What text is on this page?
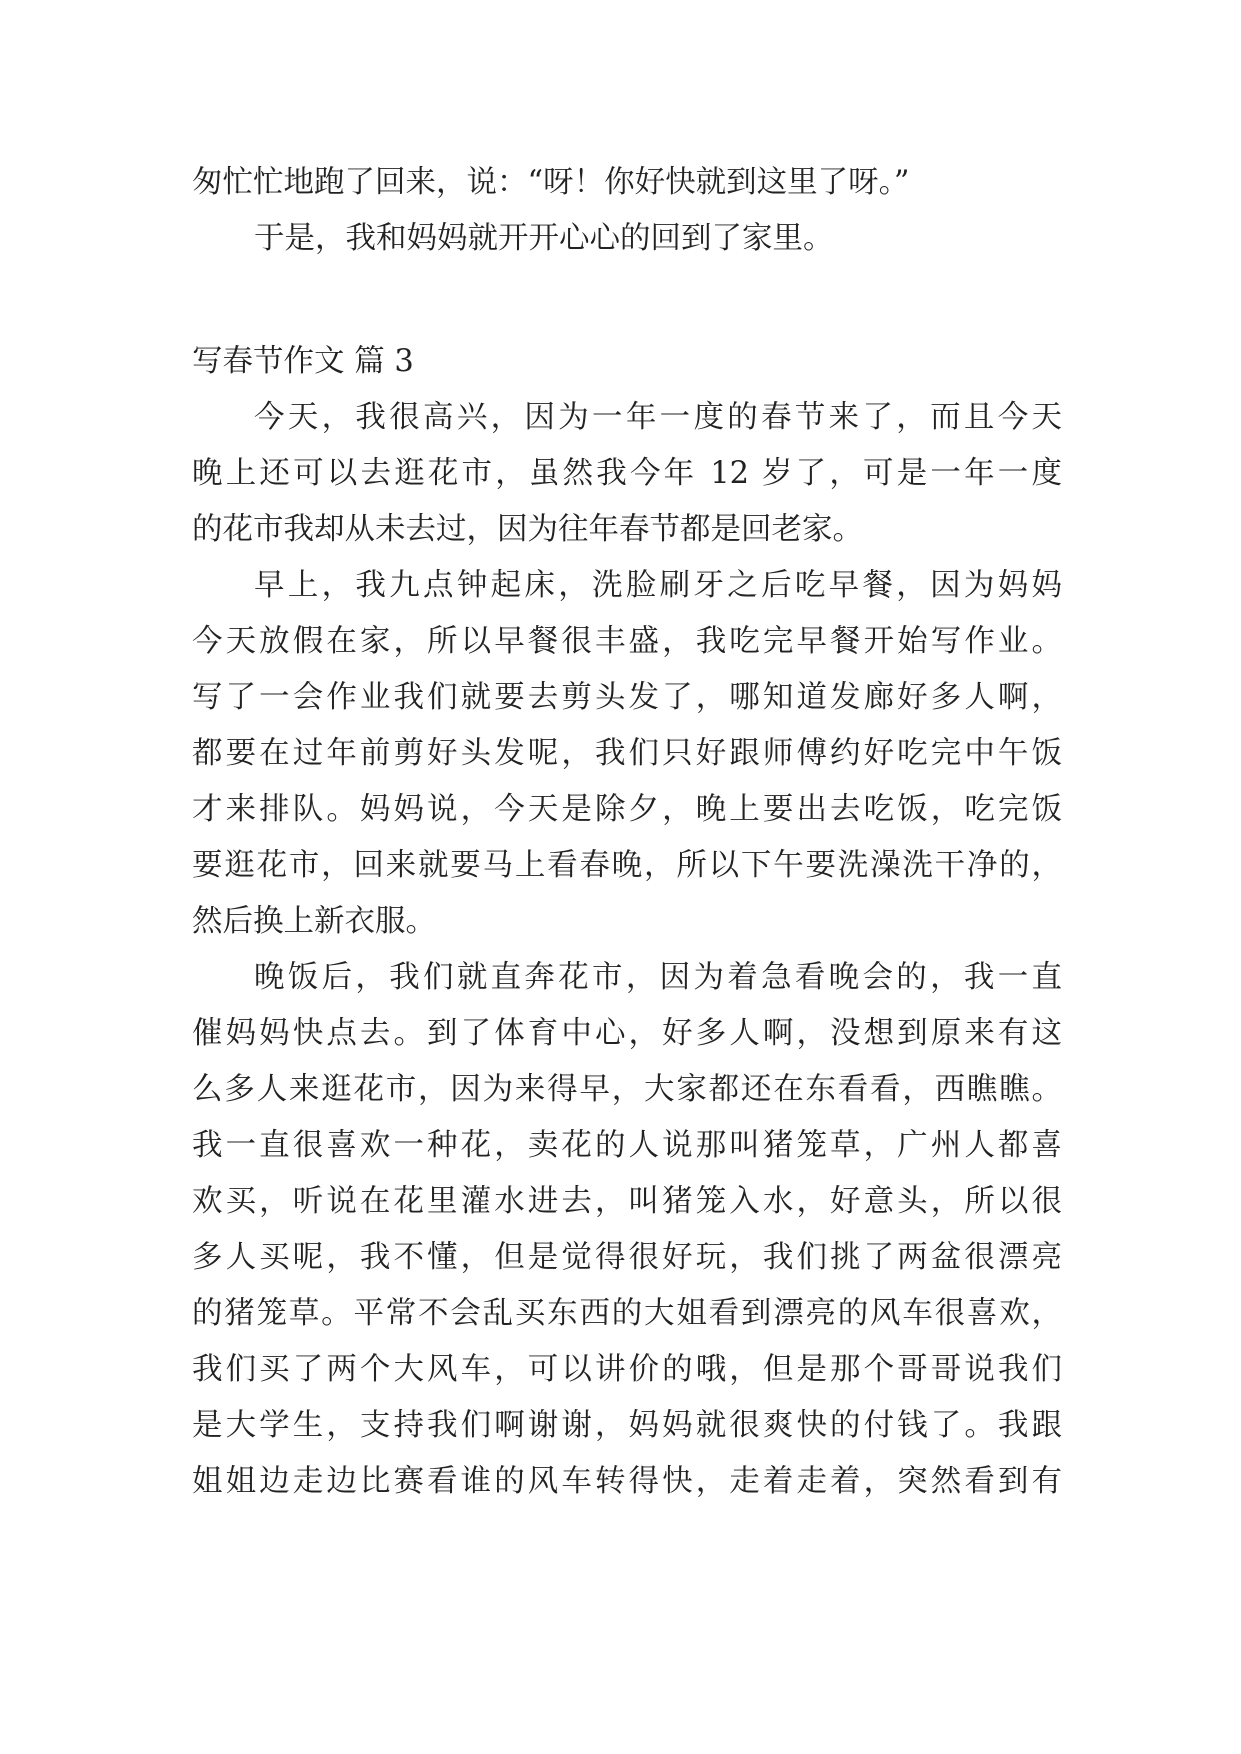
匆忙忙地跑了回来，说：“呀！你好快就到这里了呀。”
于是，我和妈妈就开开心心的回到了家里。
写春节作文 篇 3
今天，我很高兴，因为一年一度的春节来了，而且今天
晚上还可以去逛花市，虽然我今年 12 岁了，可是一年一度
的花市我却从未去过，因为往年春节都是回老家。
早上，我九点钟起床，洗脸刷牙之后吃早餐，因为妈妈
今天放假在家，所以早餐很丰盛，我吃完早餐开始写作业。
写了一会作业我们就要去剪头发了，哪知道发廊好多人啊，
都要在过年前剪好头发呢，我们只好跟师傅约好吃完中午饭
才来排队。妈妈说，今天是除夕，晚上要出去吃饭，吃完饭
要逛花市，回来就要马上看春晚，所以下午要洗澡洗干净的，
然后换上新衣服。
晚饭后，我们就直奔花市，因为着急看晚会的，我一直
催妈妈快点去。到了体育中心，好多人啊，没想到原来有这
么多人来逛花市，因为来得早，大家都还在东看看，西瞧瞧。
我一直很喜欢一种花，卖花的人说那叫猪笼草，广州人都喜
欢买，听说在花里灌水进去，叫猪笼入水，好意头，所以很
多人买呢，我不懂，但是觉得很好玩，我们挑了两盆很漂亮
的猪笼草。平常不会乱买东西的大姐看到漂亮的风车很喜欢，
我们买了两个大风车，可以讲价的哦，但是那个哥哥说我们
是大学生，支持我们啊谢谢，妈妈就很爽快的付钱了。我跟
姐姐边走边比赛看谁的风车转得快，走着走着，突然看到有
